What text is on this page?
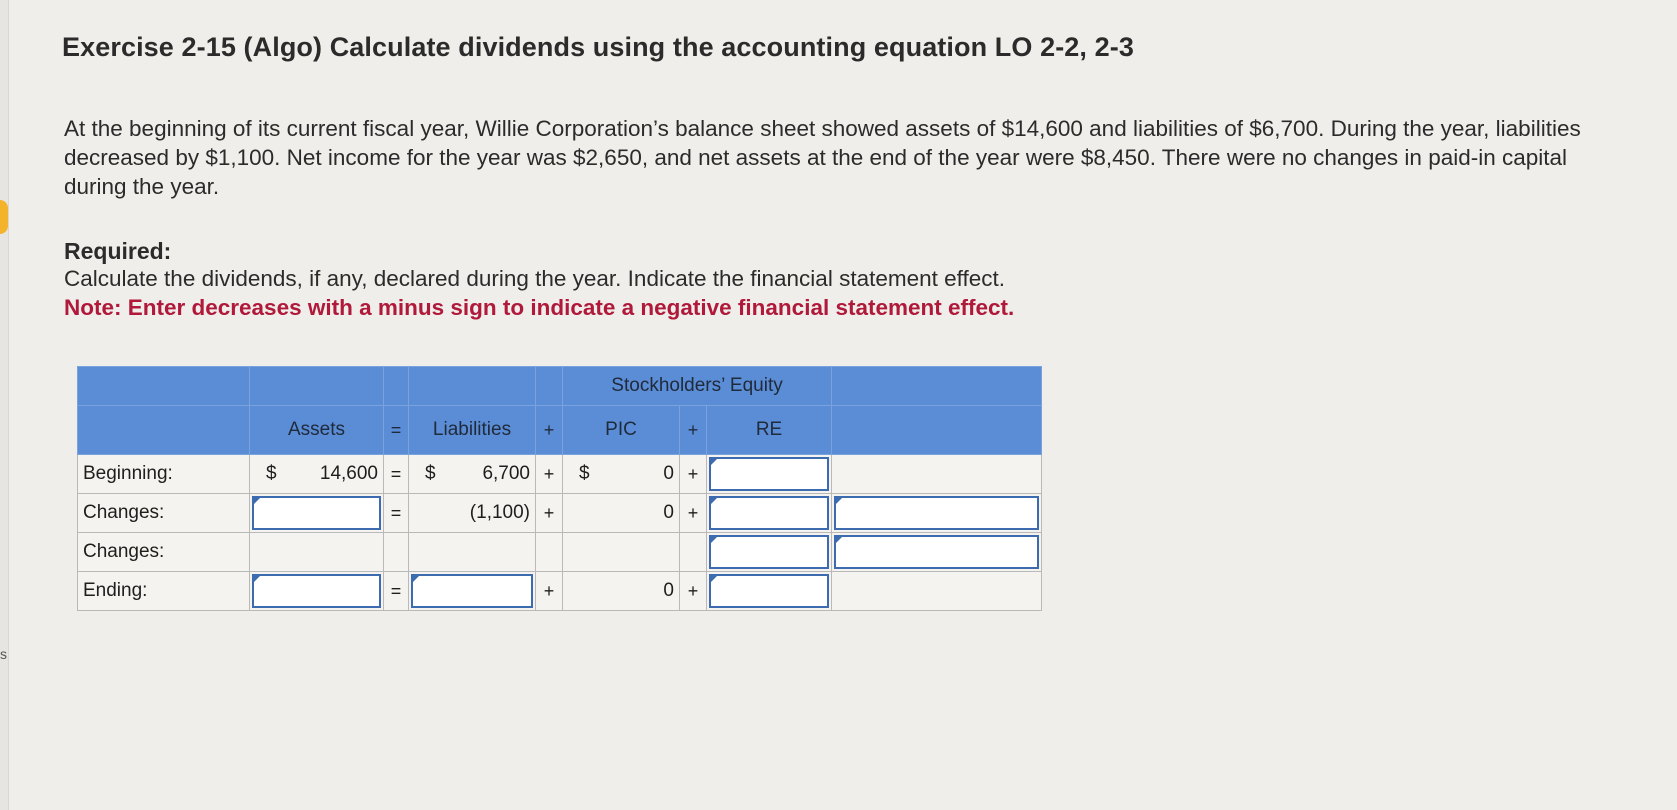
s
Exercise 2-15 (Algo) Calculate dividends using the accounting equation LO 2-2, 2-3
At the beginning of its current fiscal year, Willie Corporation’s balance sheet showed assets of $14,600 and liabilities of $6,700. During the year, liabilities decreased by $1,100. Net income for the year was $2,650, and net assets at the end of the year were $8,450. There were no changes in paid-in capital during the year.
Required:
Calculate the dividends, if any, declared during the year. Indicate the financial statement effect.
Note: Enter decreases with a minus sign to indicate a negative financial statement effect.
					Stockholders’ Equity			
	Assets	=	Liabilities	+	PIC	+	RE	
Beginning:	$ 14,600	=	$ 6,700	+	$ 0	+	

Changes:		=	(1,100)	+	0	+	

Changes:							

Ending:		=		+	0	+	
